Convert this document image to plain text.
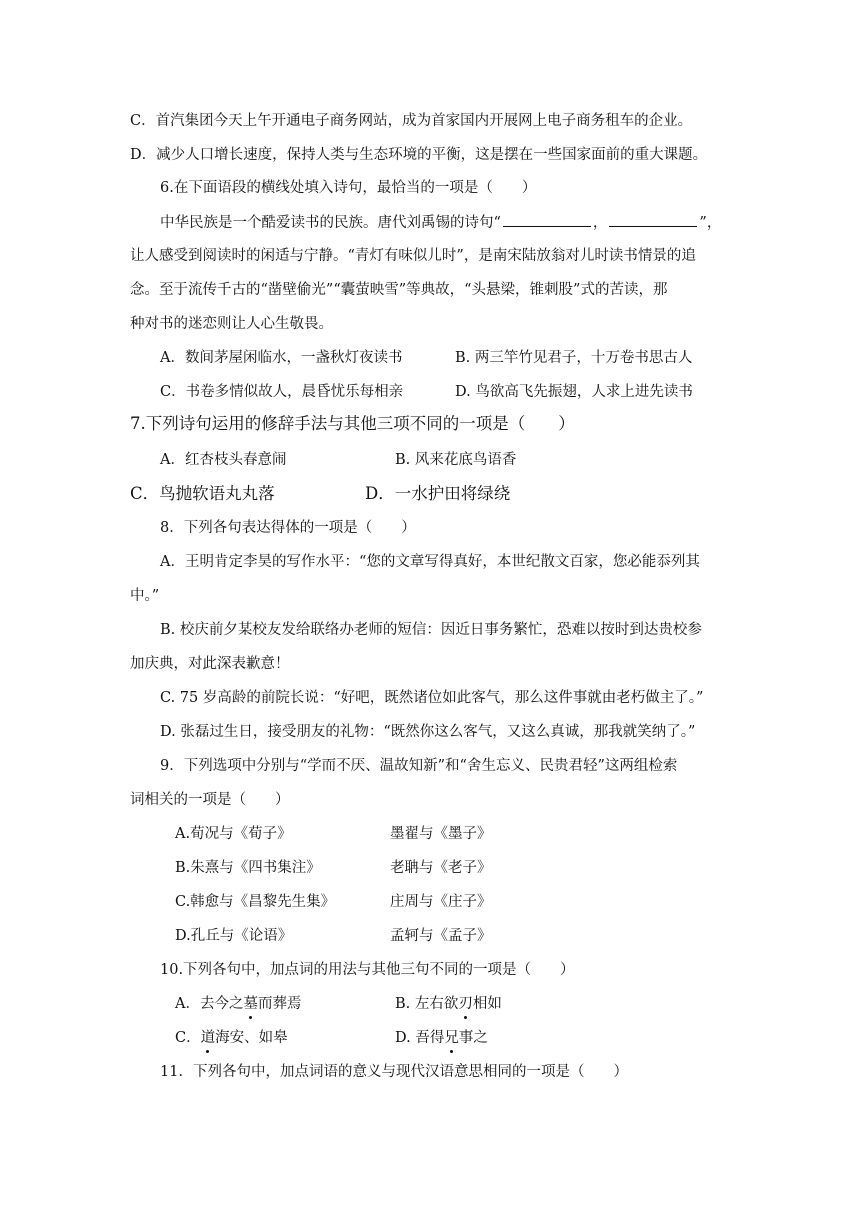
C．首汽集团今天上午开通电子商务网站，成为首家国内开展网上电子商务租车的企业。
D．减少人口增长速度，保持人类与生态环境的平衡，这是摆在一些国家面前的重大课题。
6.在下面语段的横线处填入诗句，最恰当的一项是（　　）
中华民族是一个酷爱读书的民族。唐代刘禹锡的诗句“	，	”，
让人感受到阅读时的闲适与宁静。“青灯有味似儿时”，是南宋陆放翁对儿时读书情景的追
念。至于流传千古的“凿壁偷光”“囊萤映雪”等典故，“头悬梁，锥刺股”式的苦读，那
种对书的迷恋则让人心生敬畏。
A．数间茅屋闲临水，一盏秋灯夜读书	B. 两三竿竹见君子，十万卷书思古人
C．书卷多情似故人，晨昏忧乐每相亲	D. 鸟欲高飞先振翅，人求上进先读书
7.下列诗句运用的修辞手法与其他三项不同的一项是（　　）
A．红杏枝头春意闹	B. 风来花底鸟语香
C．鸟抛软语丸丸落	D．一水护田将绿绕
8．下列各句表达得体的一项是（　　）
A．王明肯定李昊的写作水平：“您的文章写得真好，本世纪散文百家，您必能忝列其
中。”
B. 校庆前夕某校友发给联络办老师的短信：因近日事务繁忙，恐难以按时到达贵校参
加庆典，对此深表歉意！
C. 75 岁高龄的前院长说：“好吧，既然诸位如此客气，那么这件事就由老朽做主了。”
D. 张磊过生日，接受朋友的礼物：“既然你这么客气，又这么真诚，那我就笑纳了。”
9．下列选项中分别与“学而不厌、温故知新”和“舍生忘义、民贵君轻”这两组检索
词相关的一项是（　　）
A.荀况与《荀子》	墨翟与《墨子》
B.朱熹与《四书集注》	老聃与《老子》
C.韩愈与《昌黎先生集》	庄周与《庄子》
D.孔丘与《论语》	孟轲与《孟子》
10.下列各句中，加点词的用法与其他三句不同的一项是（　　）
A．去今之墓而葬焉	B. 左右欲刃相如
C．道海安、如皋	D. 吾得兄事之
11．下列各句中，加点词语的意义与现代汉语意思相同的一项是（　　）
